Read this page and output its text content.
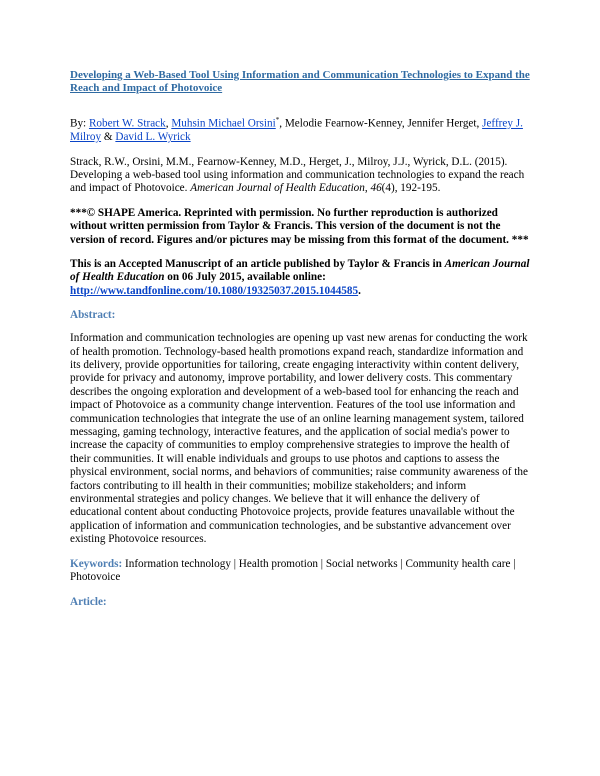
Developing a Web-Based Tool Using Information and Communication Technologies to Expand the Reach and Impact of Photovoice

By: Robert W. Strack, Muhsin Michael Orsini*, Melodie Fearnow-Kenney, Jennifer Herget, Jeffrey J. Milroy & David L. Wyrick

Strack, R.W., Orsini, M.M., Fearnow-Kenney, M.D., Herget, J., Milroy, J.J., Wyrick, D.L. (2015). Developing a web-based tool using information and communication technologies to expand the reach and impact of Photovoice. American Journal of Health Education, 46(4), 192-195.

***© SHAPE America. Reprinted with permission. No further reproduction is authorized without written permission from Taylor & Francis. This version of the document is not the version of record. Figures and/or pictures may be missing from this format of the document. ***

This is an Accepted Manuscript of an article published by Taylor & Francis in American Journal of Health Education on 06 July 2015, available online: http://www.tandfonline.com/10.1080/19325037.2015.1044585.

Abstract:

Information and communication technologies are opening up vast new arenas for conducting the work of health promotion. Technology-based health promotions expand reach, standardize information and its delivery, provide opportunities for tailoring, create engaging interactivity within content delivery, provide for privacy and autonomy, improve portability, and lower delivery costs. This commentary describes the ongoing exploration and development of a web-based tool for enhancing the reach and impact of Photovoice as a community change intervention. Features of the tool use information and communication technologies that integrate the use of an online learning management system, tailored messaging, gaming technology, interactive features, and the application of social media's power to increase the capacity of communities to employ comprehensive strategies to improve the health of their communities. It will enable individuals and groups to use photos and captions to assess the physical environment, social norms, and behaviors of communities; raise community awareness of the factors contributing to ill health in their communities; mobilize stakeholders; and inform environmental strategies and policy changes. We believe that it will enhance the delivery of educational content about conducting Photovoice projects, provide features unavailable without the application of information and communication technologies, and be substantive advancement over existing Photovoice resources.

Keywords: Information technology | Health promotion | Social networks | Community health care | Photovoice

Article:
